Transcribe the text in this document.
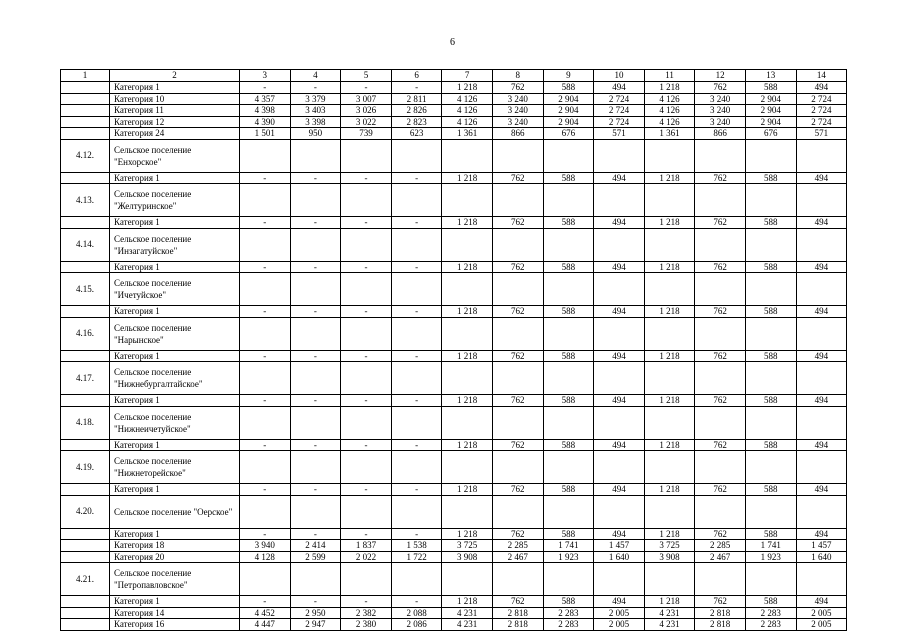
6
1	2	3	4	5	6	7	8	9	10	11	12	13	14
	Категория 1	-	-	-	-	1 218	762	588	494	1 218	762	588	494
	Категория 10	4 357	3 379	3 007	2 811	4 126	3 240	2 904	2 724	4 126	3 240	2 904	2 724
	Категория 11	4 398	3 403	3 026	2 826	4 126	3 240	2 904	2 724	4 126	3 240	2 904	2 724
	Категория 12	4 390	3 398	3 022	2 823	4 126	3 240	2 904	2 724	4 126	3 240	2 904	2 724
	Категория 24	1 501	950	739	623	1 361	866	676	571	1 361	866	676	571
4.12.	Сельское поселение "Енхорское"												
	Категория 1	-	-	-	-	1 218	762	588	494	1 218	762	588	494
4.13.	Сельское поселение "Желтуринское"												
	Категория 1	-	-	-	-	1 218	762	588	494	1 218	762	588	494
4.14.	Сельское поселение "Инзагатуйское"												
	Категория 1	-	-	-	-	1 218	762	588	494	1 218	762	588	494
4.15.	Сельское поселение "Ичетуйское"												
	Категория 1	-	-	-	-	1 218	762	588	494	1 218	762	588	494
4.16.	Сельское поселение "Нарынское"												
	Категория 1	-	-	-	-	1 218	762	588	494	1 218	762	588	494
4.17.	Сельское поселение "Нижнебургалтайское"												
	Категория 1	-	-	-	-	1 218	762	588	494	1 218	762	588	494
4.18.	Сельское поселение "Нижнеичетуйское"												
	Категория 1	-	-	-	-	1 218	762	588	494	1 218	762	588	494
4.19.	Сельское поселение "Нижнеторейское"												
	Категория 1	-	-	-	-	1 218	762	588	494	1 218	762	588	494
4.20.	Сельское поселение "Оерское"												
	Категория 1	-	-	-	-	1 218	762	588	494	1 218	762	588	494
	Категория 18	3 940	2 414	1 837	1 538	3 725	2 285	1 741	1 457	3 725	2 285	1 741	1 457
	Категория 20	4 128	2 599	2 022	1 722	3 908	2 467	1 923	1 640	3 908	2 467	1 923	1 640
4.21.	Сельское поселение "Петропавловское"												
	Категория 1	-	-	-	-	1 218	762	588	494	1 218	762	588	494
	Категория 14	4 452	2 950	2 382	2 088	4 231	2 818	2 283	2 005	4 231	2 818	2 283	2 005
	Категория 16	4 447	2 947	2 380	2 086	4 231	2 818	2 283	2 005	4 231	2 818	2 283	2 005
